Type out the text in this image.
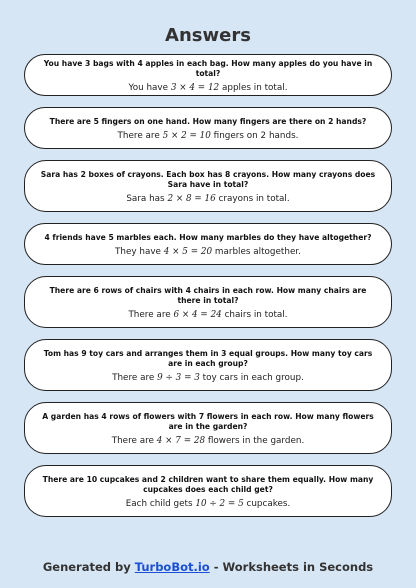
Answers
You have 3 bags with 4 apples in each bag. How many apples do you have in total?
You have 3 × 4 = 12 apples in total.
There are 5 fingers on one hand. How many fingers are there on 2 hands?
There are 5 × 2 = 10 fingers on 2 hands.
Sara has 2 boxes of crayons. Each box has 8 crayons. How many crayons does Sara have in total?
Sara has 2 × 8 = 16 crayons in total.
4 friends have 5 marbles each. How many marbles do they have altogether?
They have 4 × 5 = 20 marbles altogether.
There are 6 rows of chairs with 4 chairs in each row. How many chairs are there in total?
There are 6 × 4 = 24 chairs in total.
Tom has 9 toy cars and arranges them in 3 equal groups. How many toy cars are in each group?
There are 9 ÷ 3 = 3 toy cars in each group.
A garden has 4 rows of flowers with 7 flowers in each row. How many flowers are in the garden?
There are 4 × 7 = 28 flowers in the garden.
There are 10 cupcakes and 2 children want to share them equally. How many cupcakes does each child get?
Each child gets 10 ÷ 2 = 5 cupcakes.
Generated by TurboBot.io - Worksheets in Seconds
